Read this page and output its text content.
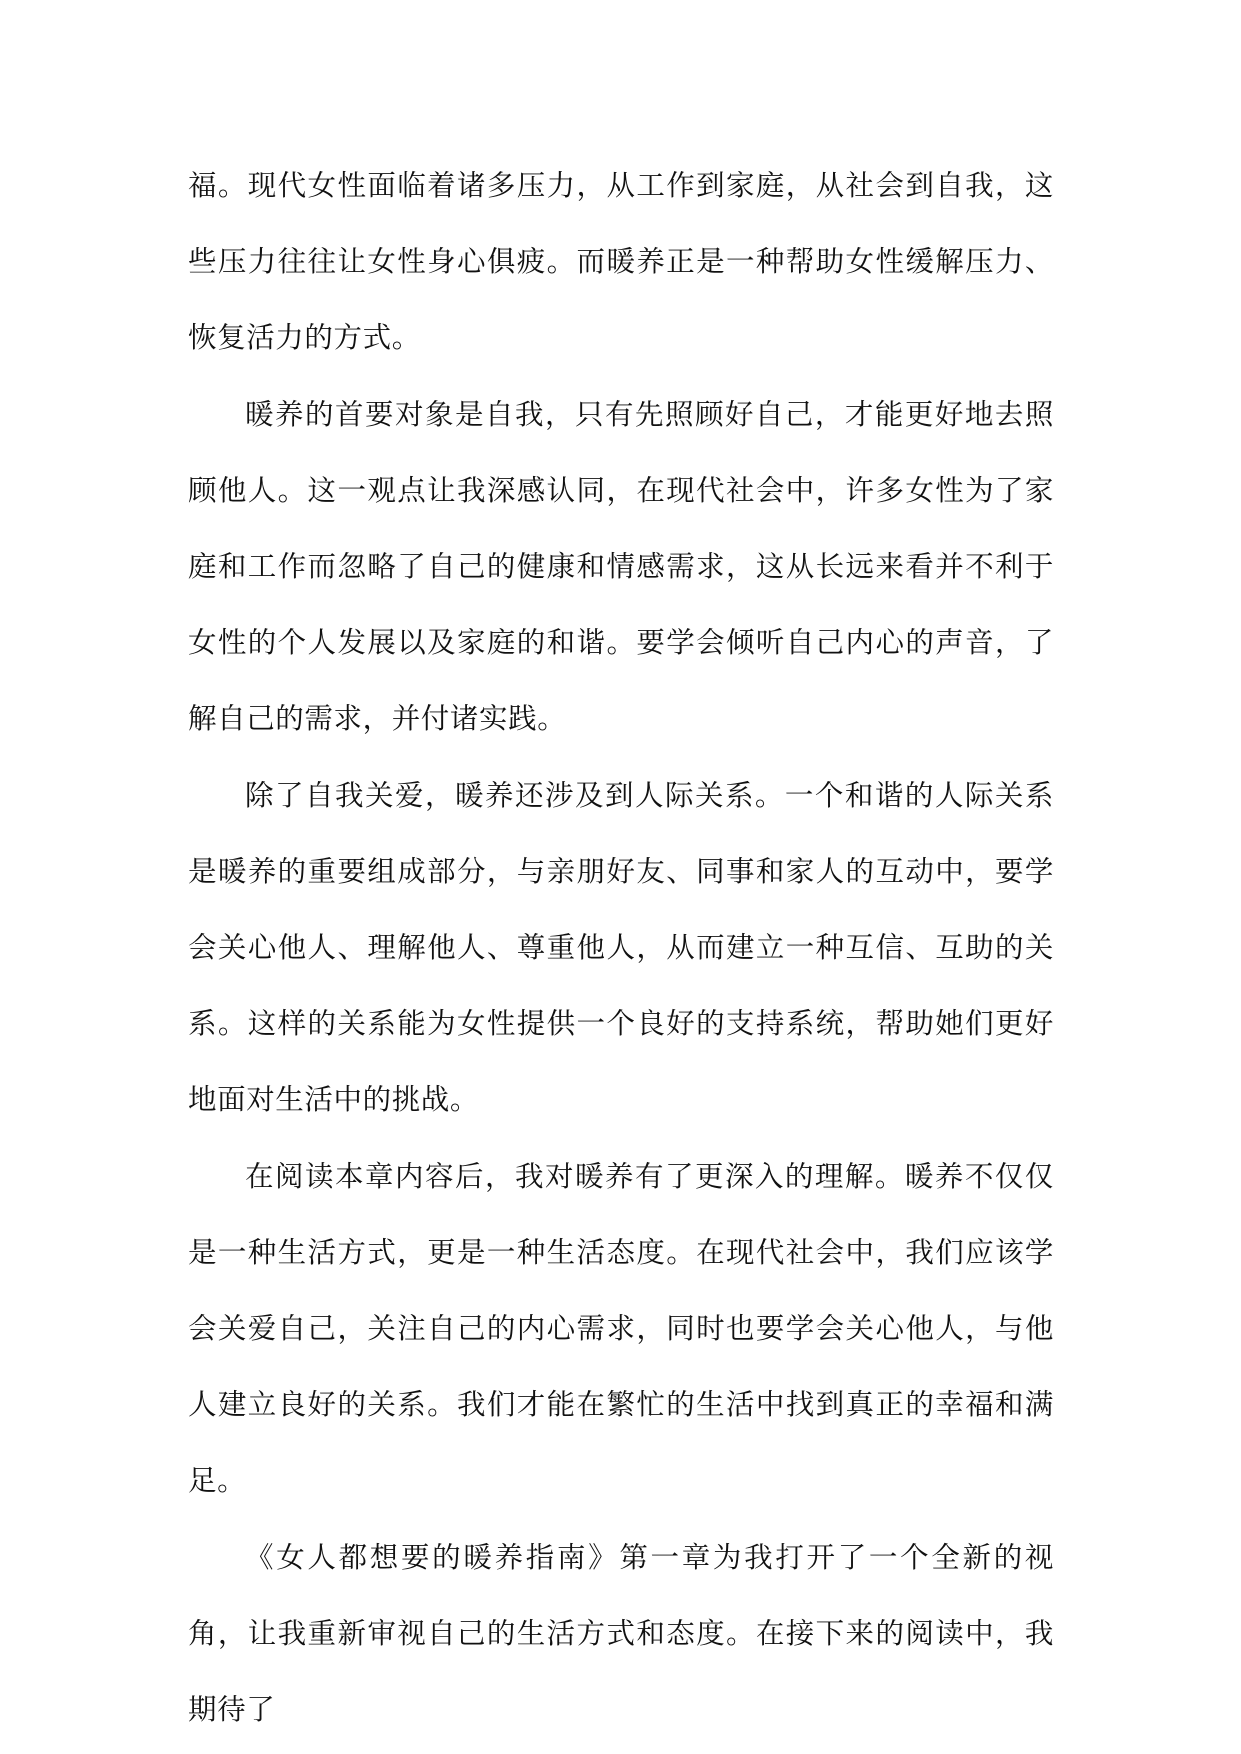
福。现代女性面临着诸多压力，从工作到家庭，从社会到自我，这些压力往往让女性身心俱疲。而暖养正是一种帮助女性缓解压力、恢复活力的方式。

暖养的首要对象是自我，只有先照顾好自己，才能更好地去照顾他人。这一观点让我深感认同，在现代社会中，许多女性为了家庭和工作而忽略了自己的健康和情感需求，这从长远来看并不利于女性的个人发展以及家庭的和谐。要学会倾听自己内心的声音，了解自己的需求，并付诸实践。

除了自我关爱，暖养还涉及到人际关系。一个和谐的人际关系是暖养的重要组成部分，与亲朋好友、同事和家人的互动中，要学会关心他人、理解他人、尊重他人，从而建立一种互信、互助的关系。这样的关系能为女性提供一个良好的支持系统，帮助她们更好地面对生活中的挑战。

在阅读本章内容后，我对暖养有了更深入的理解。暖养不仅仅是一种生活方式，更是一种生活态度。在现代社会中，我们应该学会关爱自己，关注自己的内心需求，同时也要学会关心他人，与他人建立良好的关系。我们才能在繁忙的生活中找到真正的幸福和满足。

《女人都想要的暖养指南》第一章为我打开了一个全新的视角，让我重新审视自己的生活方式和态度。在接下来的阅读中，我期待了
